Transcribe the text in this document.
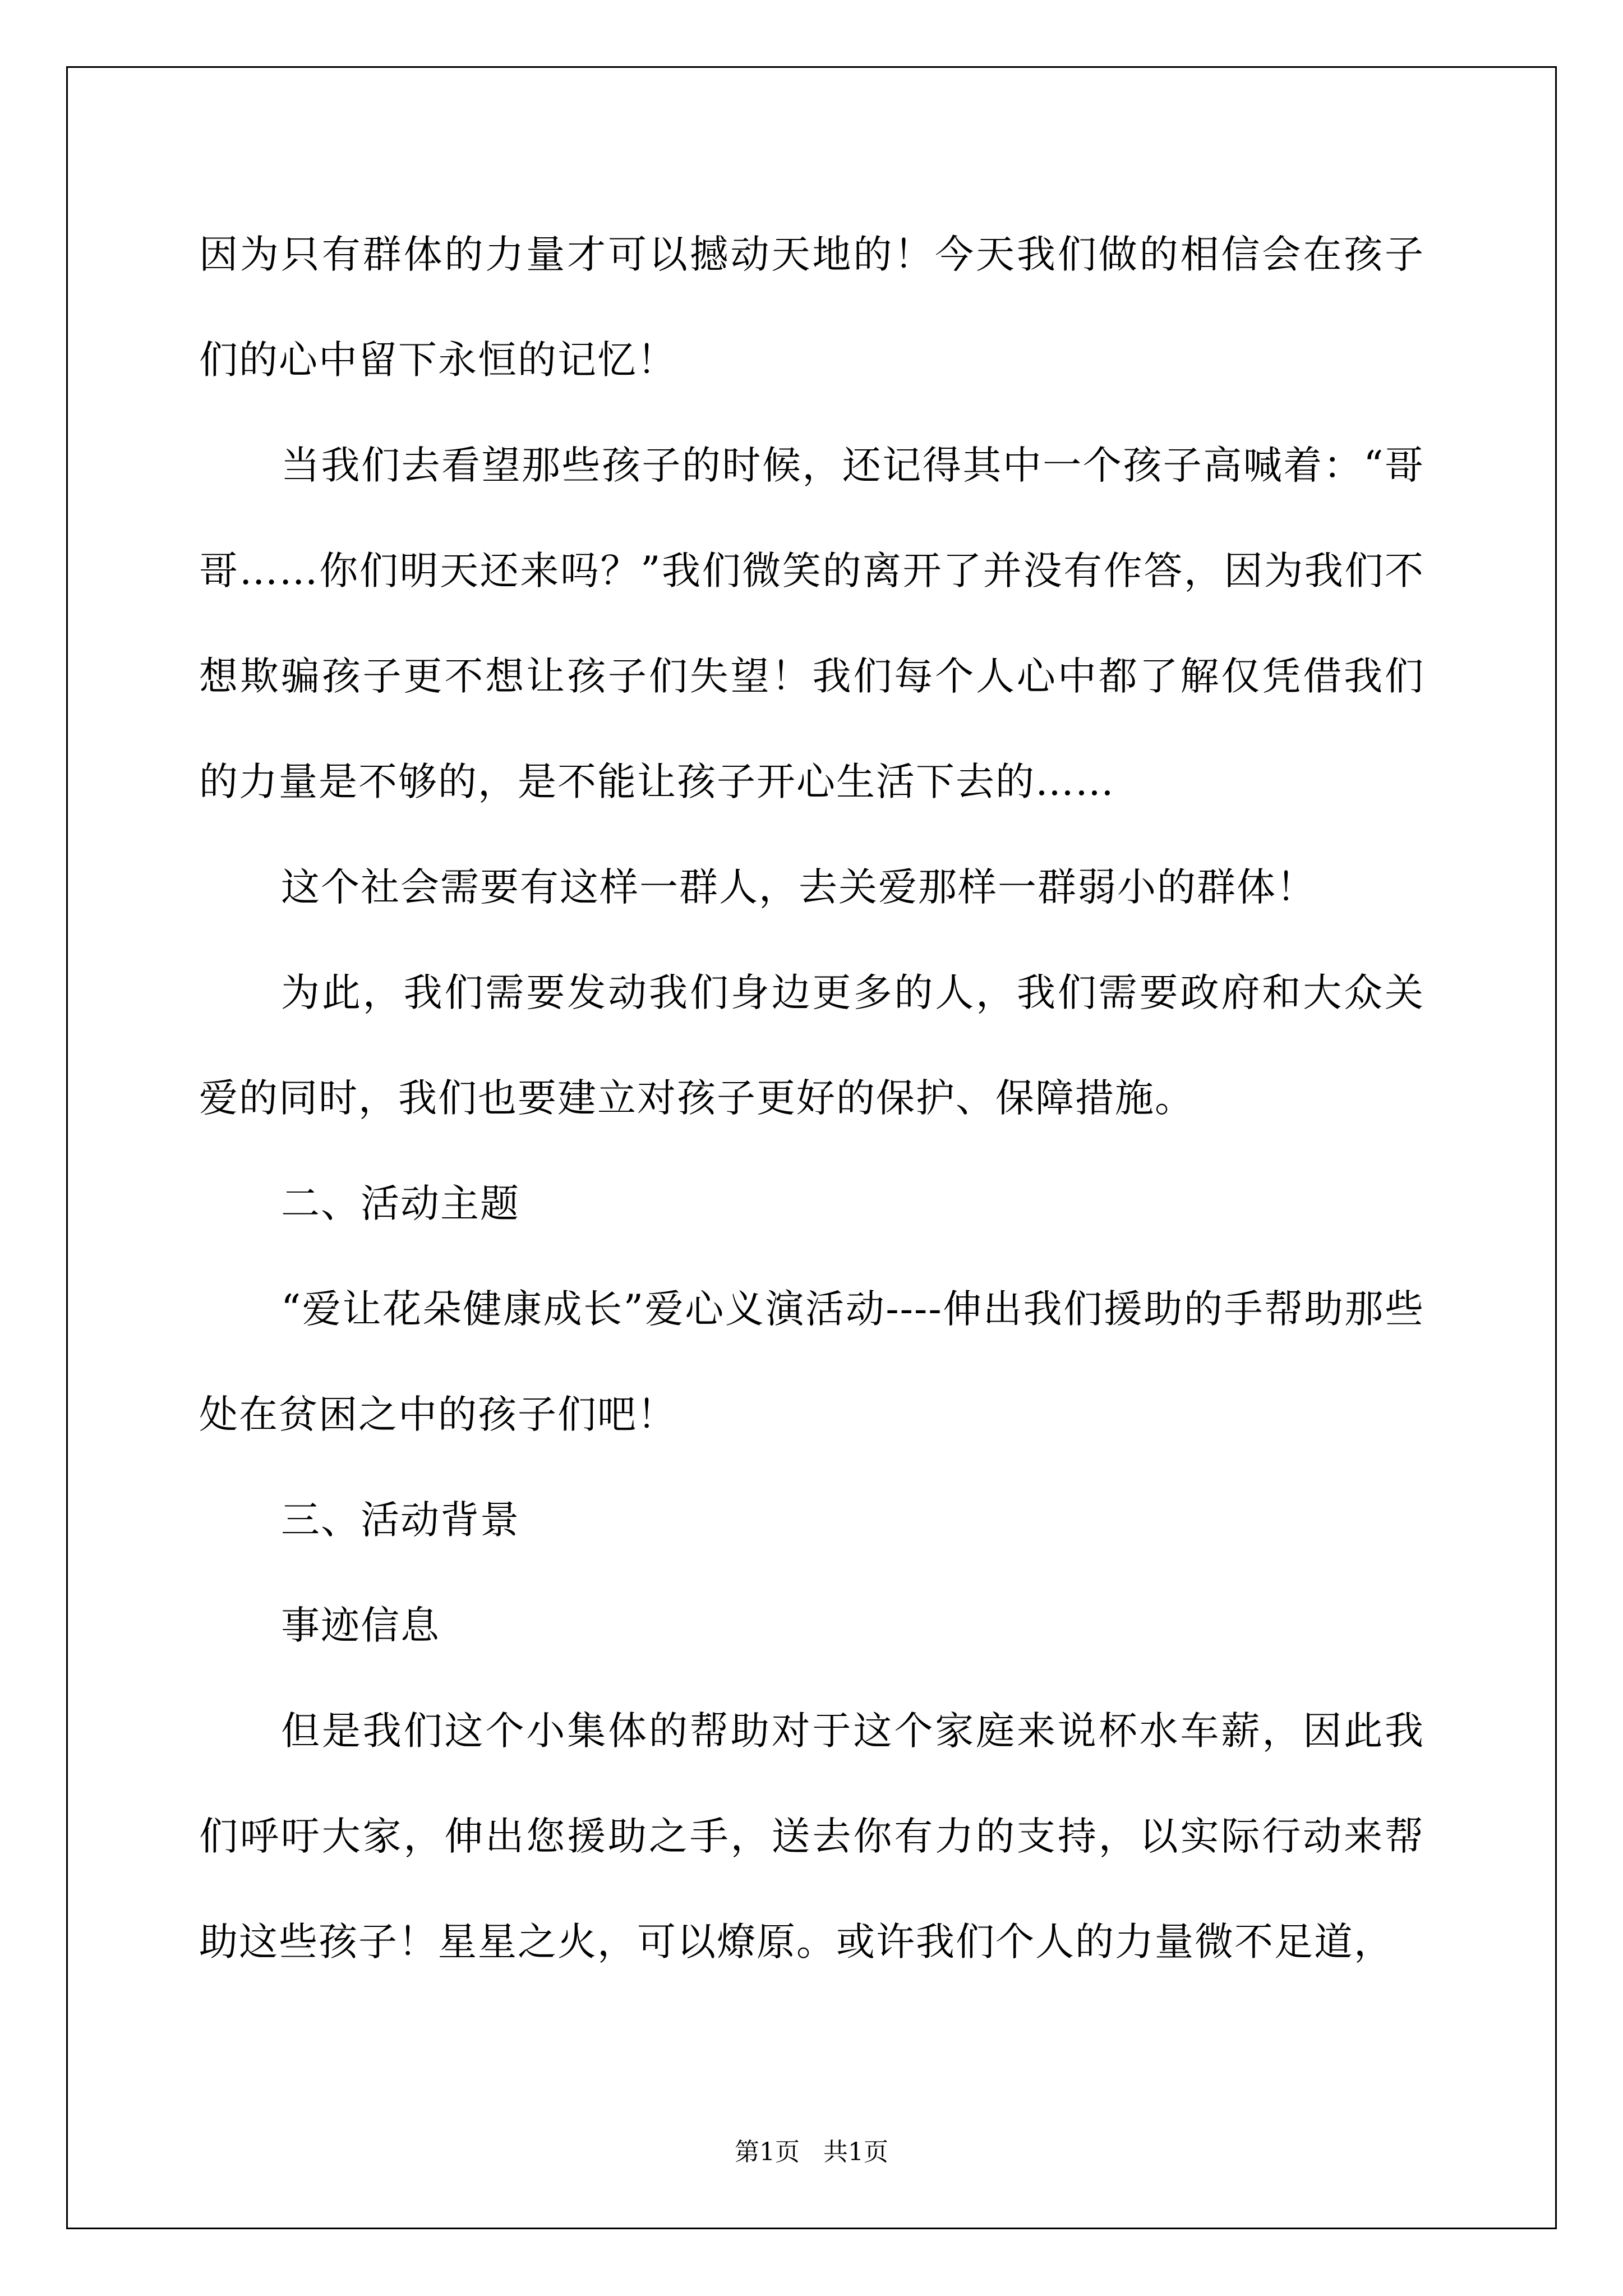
因为只有群体的力量才可以撼动天地的！今天我们做的相信会在孩子们的心中留下永恒的记忆！

当我们去看望那些孩子的时候，还记得其中一个孩子高喊着：“哥哥……你们明天还来吗？”我们微笑的离开了并没有作答，因为我们不想欺骗孩子更不想让孩子们失望！我们每个人心中都了解仅凭借我们的力量是不够的，是不能让孩子开心生活下去的……

这个社会需要有这样一群人，去关爱那样一群弱小的群体！

为此，我们需要发动我们身边更多的人，我们需要政府和大众关爱的同时，我们也要建立对孩子更好的保护、保障措施。

二、活动主题

“爱让花朵健康成长”爱心义演活动----伸出我们援助的手帮助那些处在贫困之中的孩子们吧！

三、活动背景

事迹信息

但是我们这个小集体的帮助对于这个家庭来说杯水车薪，因此我们呼吁大家，伸出您援助之手，送去你有力的支持，以实际行动来帮助这些孩子！星星之火，可以燎原。或许我们个人的力量微不足道，

第1页   共1页
